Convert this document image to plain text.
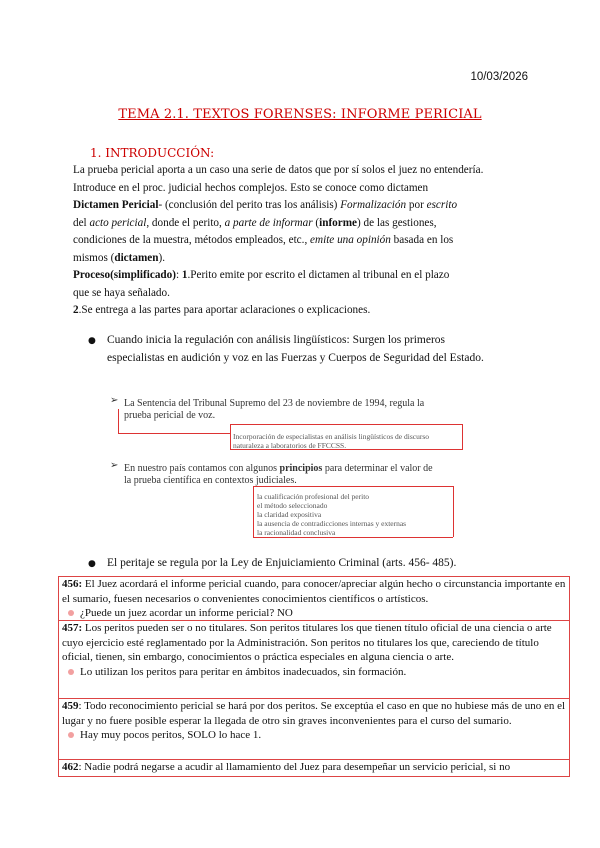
10/03/2026
TEMA 2.1. TEXTOS FORENSES: INFORME PERICIAL
1. INTRODUCCIÓN:
La prueba pericial aporta a un caso una serie de datos que por sí solos el juez no entendería.
Introduce en el proc. judicial hechos complejos. Esto se conoce como dictamen
Dictamen Pericial- (conclusión del perito tras los análisis) Formalización por escrito
del acto pericial, donde el perito, a parte de informar (informe) de las gestiones,
condiciones de la muestra, métodos empleados, etc., emite una opinión basada en los
mismos (dictamen).
Proceso(simplificado): 1.Perito emite por escrito el dictamen al tribunal en el plazo
que se haya señalado.
2.Se entrega a las partes para aportar aclaraciones o explicaciones.
● Cuando inicia la regulación con análisis lingüísticos: Surgen los primeros especialistas en audición y voz en las Fuerzas y Cuerpos de Seguridad del Estado.
➢ La Sentencia del Tribunal Supremo del 23 de noviembre de 1994, regula la
prueba pericial de voz.
Incorporación de especialistas en análisis lingüísticos de discurso
naturaleza a laboratorios de FFCCSS.
➢ En nuestro país contamos con algunos principios para determinar el valor de
la prueba científica en contextos judiciales.
la cualificación profesional del perito
el método seleccionado
la claridad expositiva
la ausencia de contradicciones internas y externas
la racionalidad conclusiva
● El peritaje se regula por la Ley de Enjuiciamiento Criminal (arts. 456- 485).
456: El Juez acordará el informe pericial cuando, para conocer/apreciar algún hecho o circunstancia importante en el sumario, fuesen necesarios o convenientes conocimientos científicos o artísticos.
¿Puede un juez acordar un informe pericial? NO
457: Los peritos pueden ser o no titulares. Son peritos titulares los que tienen título oficial de una ciencia o arte cuyo ejercicio esté reglamentado por la Administración. Son peritos no titulares los que, careciendo de título oficial, tienen, sin embargo, conocimientos o práctica especiales en alguna ciencia o arte.
Lo utilizan los peritos para peritar en ámbitos inadecuados, sin formación.
459: Todo reconocimiento pericial se hará por dos peritos. Se exceptúa el caso en que no hubiese más de uno en el lugar y no fuere posible esperar la llegada de otro sin graves inconvenientes para el curso del sumario.
Hay muy pocos peritos, SOLO lo hace 1.
462: Nadie podrá negarse a acudir al llamamiento del Juez para desempeñar un servicio pericial, si no
